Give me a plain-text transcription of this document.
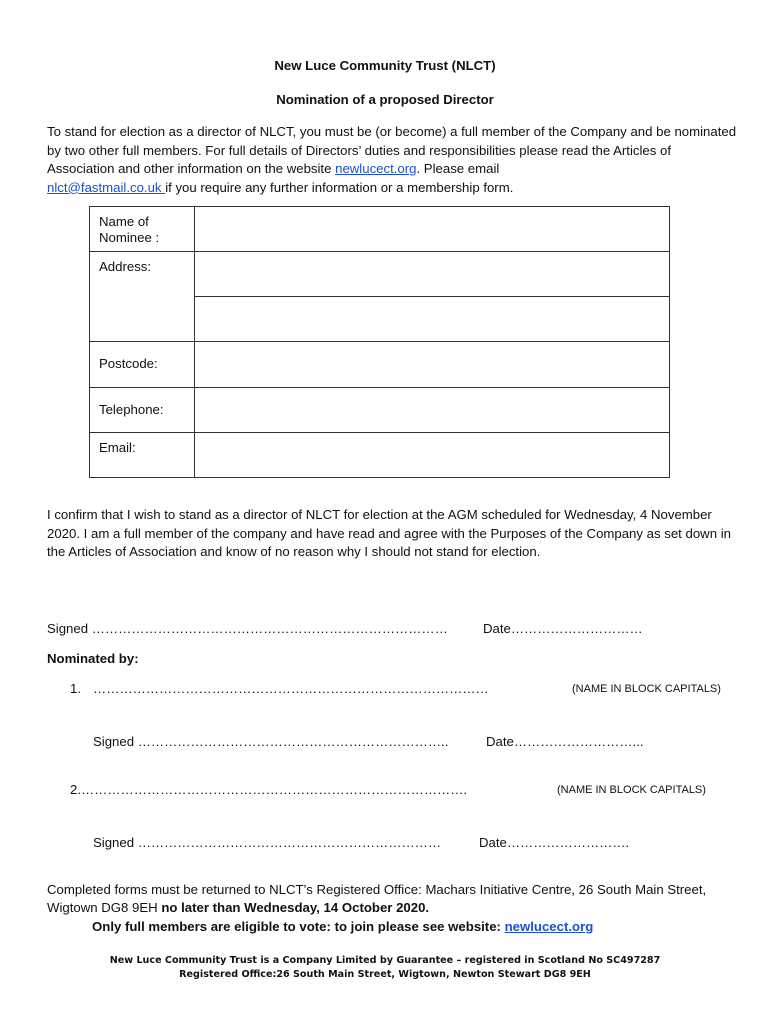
New Luce Community Trust (NLCT)
Nomination of a proposed Director
To stand for election as a director of NLCT, you must be (or become) a full member of the Company and be nominated by two other full members. For full details of Directors’ duties and responsibilities please read the Articles of Association and other information on the website newlucect.org. Please email
nlct@fastmail.co.uk if you require any further information or a membership form.
Name of Nominee :	
Address:	

Postcode:	
Telephone:	
Email:	
I confirm that I wish to stand as a director of NLCT for election at the AGM scheduled for Wednesday, 4 November 2020. I am a full member of the company and have read and agree with the Purposes of the Company as set down in the Articles of Association and know of no reason why I should not stand for election.
Signed ………………………………………………………………………	Date…………………………
Nominated by:
1. ………………………………………………………………………………	(NAME IN BLOCK CAPITALS)
Signed ……………………………………………………………..	Date………………………...
2.…………………………………………………………………………….	(NAME IN BLOCK CAPITALS)
Signed ……………………………………………………………	Date……………………….
Completed forms must be returned to NLCT’s Registered Office: Machars Initiative Centre, 26 South Main Street, Wigtown DG8 9EH no later than Wednesday, 14 October 2020.
Only full members are eligible to vote: to join please see website: newlucect.org
New Luce Community Trust is a Company Limited by Guarantee – registered in Scotland No SC497287
Registered Office:26 South Main Street, Wigtown, Newton Stewart DG8 9EH
